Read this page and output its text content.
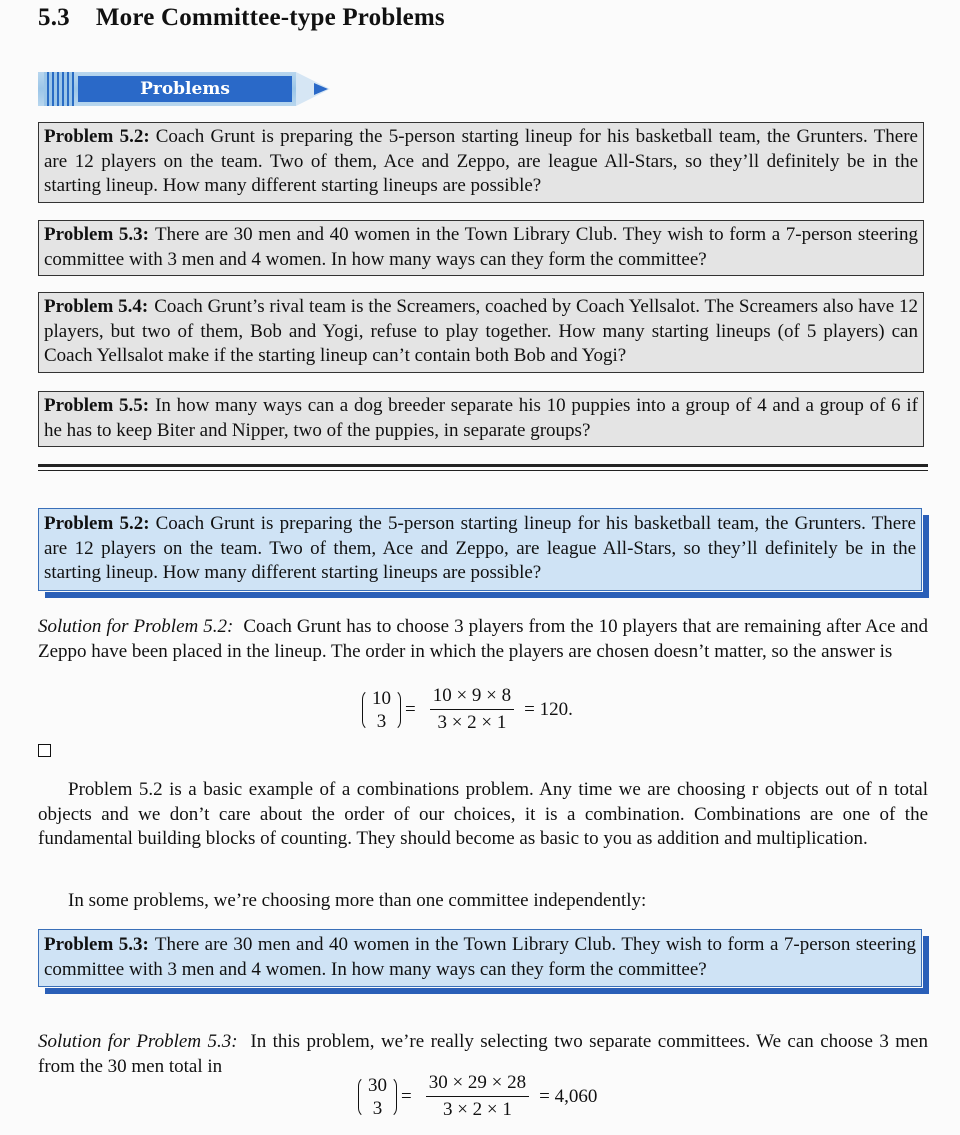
5.3 More Committee-type Problems
Problems
Problem 5.2: Coach Grunt is preparing the 5-person starting lineup for his basketball team, the Grunters. There are 12 players on the team. Two of them, Ace and Zeppo, are league All-Stars, so they’ll definitely be in the starting lineup. How many different starting lineups are possible?
Problem 5.3: There are 30 men and 40 women in the Town Library Club. They wish to form a 7-person steering committee with 3 men and 4 women. In how many ways can they form the committee?
Problem 5.4: Coach Grunt’s rival team is the Screamers, coached by Coach Yellsalot. The Screamers also have 12 players, but two of them, Bob and Yogi, refuse to play together. How many starting lineups (of 5 players) can Coach Yellsalot make if the starting lineup can’t contain both Bob and Yogi?
Problem 5.5: In how many ways can a dog breeder separate his 10 puppies into a group of 4 and a group of 6 if he has to keep Biter and Nipper, two of the puppies, in separate groups?
Problem 5.2: Coach Grunt is preparing the 5-person starting lineup for his basketball team, the Grunters. There are 12 players on the team. Two of them, Ace and Zeppo, are league All-Stars, so they’ll definitely be in the starting lineup. How many different starting lineups are possible?
Solution for Problem 5.2: Coach Grunt has to choose 3 players from the 10 players that are remaining after Ace and Zeppo have been placed in the lineup. The order in which the players are chosen doesn’t matter, so the answer is
10
3
= $\frac{10 \times 9 \times 8}{3 \times 2 \times 1} = 120$.
Problem 5.2 is a basic example of a combinations problem. Any time we are choosing r objects out of n total objects and we don’t care about the order of our choices, it is a combination. Combinations are one of the fundamental building blocks of counting. They should become as basic to you as addition and multiplication.
In some problems, we’re choosing more than one committee independently:
Problem 5.3: There are 30 men and 40 women in the Town Library Club. They wish to form a 7-person steering committee with 3 men and 4 women. In how many ways can they form the committee?
Solution for Problem 5.3: In this problem, we’re really selecting two separate committees. We can choose 3 men from the 30 men total in
30
3
= $\frac{30 \times 29 \times 28}{3 \times 2 \times 1} = 4,060$
